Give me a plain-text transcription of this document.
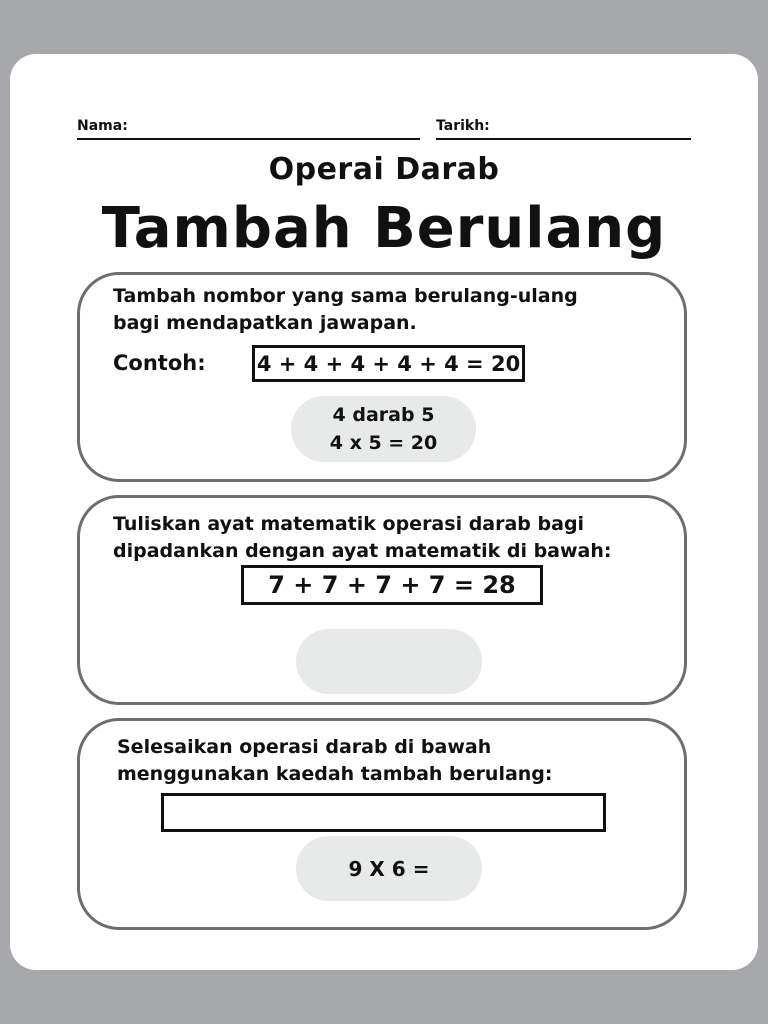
Nama:	Tarikh:
Operai Darab
Tambah Berulang
Tambah nombor yang sama berulang-ulang
bagi mendapatkan jawapan.
Contoh: 4 + 4 + 4 + 4 + 4 = 20
4 darab 5
4 x 5 = 20
Tuliskan ayat matematik operasi darab bagi
dipadankan dengan ayat matematik di bawah:
7 + 7 + 7 + 7 = 28
Selesaikan operasi darab di bawah
menggunakan kaedah tambah berulang:
9 X 6 =
